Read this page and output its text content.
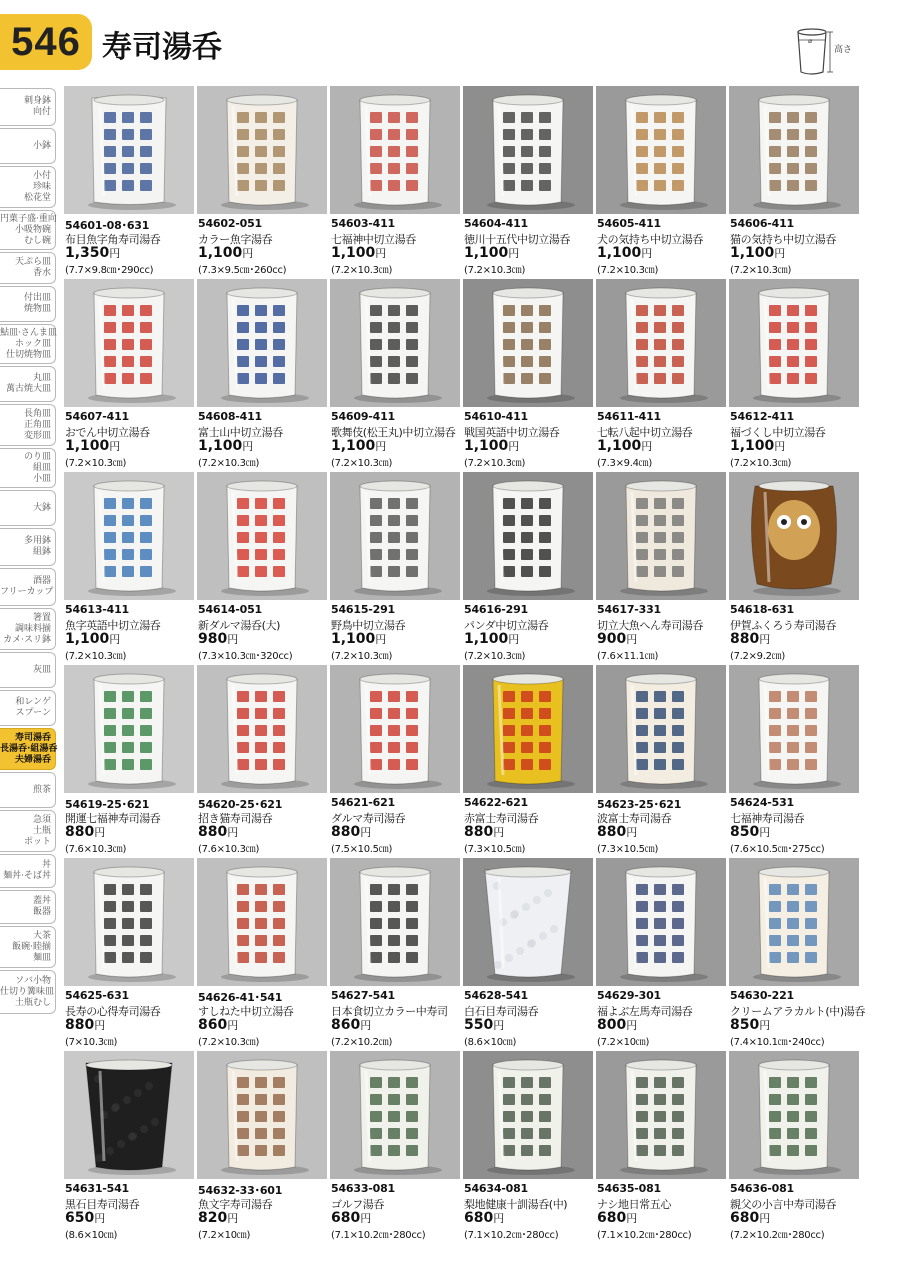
546 寿司湯呑	⌀
高さ
刺身鉢
向付
小鉢
小付
珍味
松花堂
円菓子盛·重向
小吸物碗
むし碗
天ぷら皿
香水
付出皿
焼物皿
鮎皿·さんま皿
ホック皿
仕切焼物皿
丸皿
萬古焼大皿
長角皿
正角皿
変形皿
のり皿
組皿
小皿
大鉢
多用鉢
組鉢
酒器
フリーカップ
箸置
調味料揃
カメ·スリ鉢
灰皿
和レンゲ
スプーン
寿司湯呑
長湯呑·組湯呑
夫婦湯呑
煎茶
急須
土瓶
ポット
丼
麺丼·そば丼
蓋丼
飯器
大茶
飯碗·睦揃
麺皿
ソバ小物
仕切り篝味皿
土瓶むし
54601-08･631
布目魚字角寿司湯呑
1,350円
(7.7×9.8㎝･290cc)
54602-051
カラー魚字湯呑
1,100円
(7.3×9.5㎝･260cc)
54603-411
七福神中切立湯呑
1,100円
(7.2×10.3㎝)
54604-411
徳川十五代中切立湯呑
1,100円
(7.2×10.3㎝)
54605-411
犬の気持ち中切立湯呑
1,100円
(7.2×10.3㎝)
54606-411
猫の気持ち中切立湯呑
1,100円
(7.2×10.3㎝)
54607-411
おでん中切立湯呑
1,100円
(7.2×10.3㎝)
54608-411
富士山中切立湯呑
1,100円
(7.2×10.3㎝)
54609-411
歌舞伎(松王丸)中切立湯呑
1,100円
(7.2×10.3㎝)
54610-411
戦国英語中切立湯呑
1,100円
(7.2×10.3㎝)
54611-411
七転八起中切立湯呑
1,100円
(7.3×9.4㎝)
54612-411
福づくし中切立湯呑
1,100円
(7.2×10.3㎝)
54613-411
魚字英語中切立湯呑
1,100円
(7.2×10.3㎝)
54614-051
新ダルマ湯呑(大)
980円
(7.3×10.3㎝･320cc)
54615-291
野鳥中切立湯呑
1,100円
(7.2×10.3㎝)
54616-291
パンダ中切立湯呑
1,100円
(7.2×10.3㎝)
54617-331
切立大魚へん寿司湯呑
900円
(7.6×11.1㎝)
54618-631
伊賀ふくろう寿司湯呑
880円
(7.2×9.2㎝)
54619-25･621
開運七福神寿司湯呑
880円
(7.6×10.3㎝)
54620-25･621
招き猫寿司湯呑
880円
(7.6×10.3㎝)
54621-621
ダルマ寿司湯呑
880円
(7.5×10.5㎝)
54622-621
赤富士寿司湯呑
880円
(7.3×10.5㎝)
54623-25･621
波富士寿司湯呑
880円
(7.3×10.5㎝)
54624-531
七福神寿司湯呑
850円
(7.6×10.5㎝･275cc)
54625-631
長寿の心得寿司湯呑
880円
(7×10.3㎝)
54626-41･541
すしねた中切立湯呑
860円
(7.2×10.3㎝)
54627-541
日本食切立カラー中寿司
860円
(7.2×10.2㎝)
54628-541
白石目寿司湯呑
550円
(8.6×10㎝)
54629-301
福よぶ左馬寿司湯呑
800円
(7.2×10㎝)
54630-221
クリームアラカルト(中)湯呑
850円
(7.4×10.1㎝･240cc)
54631-541
黒石目寿司湯呑
650円
(8.6×10㎝)
54632-33･601
魚文字寿司湯呑
820円
(7.2×10㎝)
54633-081
ゴルフ湯呑
680円
(7.1×10.2㎝･280cc)
54634-081
梨地健康十訓湯呑(中)
680円
(7.1×10.2㎝･280cc)
54635-081
ナシ地日常五心
680円
(7.1×10.2㎝･280cc)
54636-081
親父の小言中寿司湯呑
680円
(7.2×10.2㎝･280cc)
